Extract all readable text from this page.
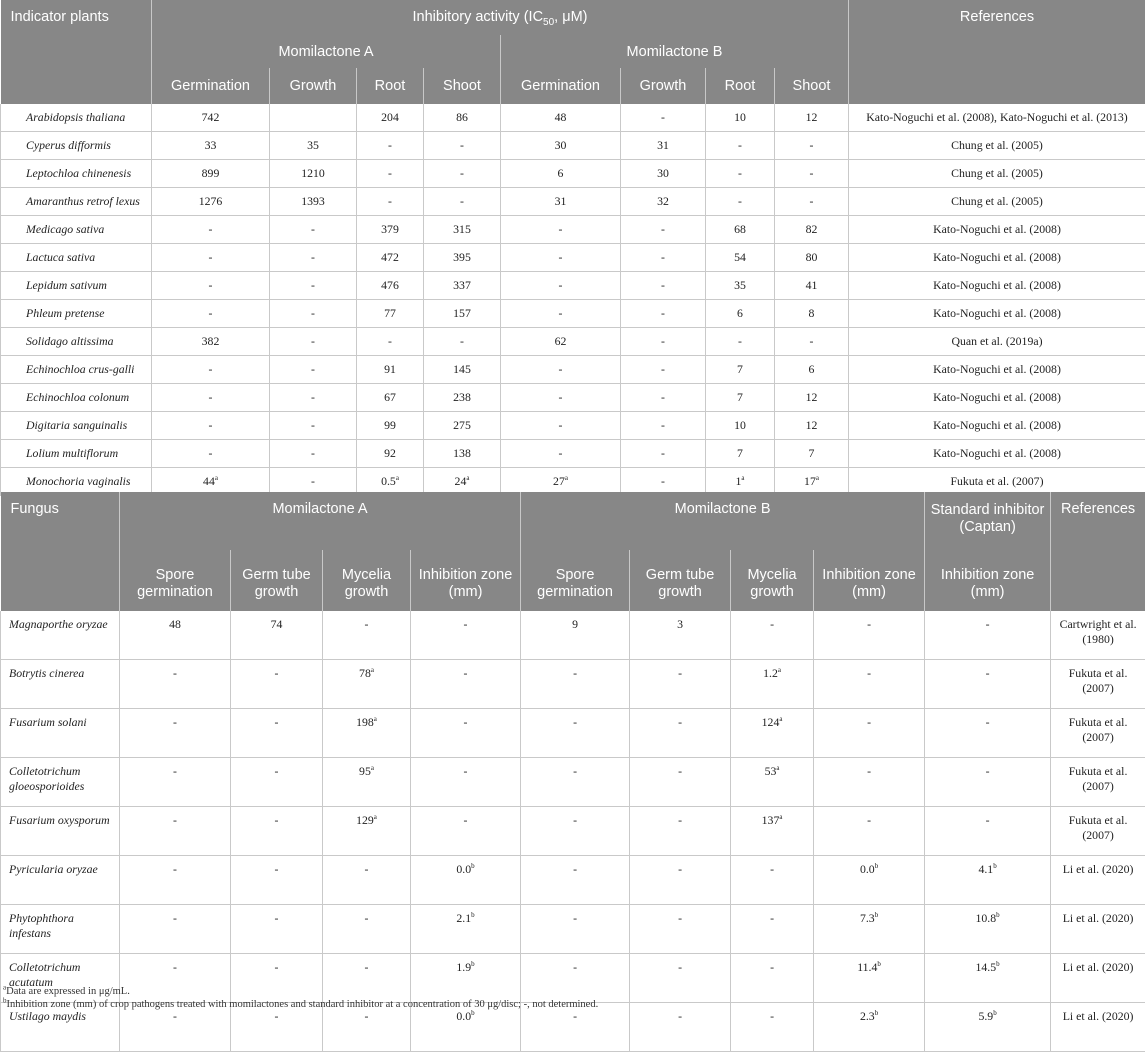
Indicator plants	Inhibitory activity ($IC_{50}$, μM)								References
	Momilactone A				Momilactone B				
	Germination	Growth	Root	Shoot	Germination	Growth	Root	Shoot	
Arabidopsis thaliana	742		204	86	48	-	10	12	Kato-Noguchi et al. (2008), Kato-Noguchi et al. (2013)
Cyperus difformis	33	35	-	-	30	31	-	-	Chung et al. (2005)
Leptochloa chinenesis	899	1210	-	-	6	30	-	-	Chung et al. (2005)
Amaranthus retrof lexus	1276	1393	-	-	31	32	-	-	Chung et al. (2005)
Medicago sativa	-	-	379	315	-	-	68	82	Kato-Noguchi et al. (2008)
Lactuca sativa	-	-	472	395	-	-	54	80	Kato-Noguchi et al. (2008)
Lepidum sativum	-	-	476	337	-	-	35	41	Kato-Noguchi et al. (2008)
Phleum pretense	-	-	77	157	-	-	6	8	Kato-Noguchi et al. (2008)
Solidago altissima	382	-	-	-	62	-	-	-	Quan et al. (2019a)
Echinochloa crus-galli	-	-	91	145	-	-	7	6	Kato-Noguchi et al. (2008)
Echinochloa colonum	-	-	67	238	-	-	7	12	Kato-Noguchi et al. (2008)
Digitaria sanguinalis	-	-	99	275	-	-	10	12	Kato-Noguchi et al. (2008)
Lolium multiflorum	-	-	92	138	-	-	7	7	Kato-Noguchi et al. (2008)
Monochoria vaginalis	44$^a$	-	0.5$^a$	24$^a$	27$^a$	-	1$^a$	17$^a$	Fukuta et al. (2007)
Fungus	Momilactone A				Momilactone B				Standard inhibitor (Captan)	References
	Spore germination	Germ tube growth	Mycelia growth	Inhibition zone (mm)	Spore germination	Germ tube growth	Mycelia growth	Inhibition zone (mm)	Inhibition zone (mm)	
Magnaporthe oryzae	48	74	-	-	9	3	-	-	-	Cartwright et al. (1980)
Botrytis cinerea	-	-	78$^a$	-	-	-	1.2$^a$	-	-	Fukuta et al. (2007)
Fusarium solani	-	-	198$^a$	-	-	-	124$^a$	-	-	Fukuta et al. (2007)
Colletotrichum gloeosporioides	-	-	95$^a$	-	-	-	53$^a$	-	-	Fukuta et al. (2007)
Fusarium oxysporum	-	-	129$^a$	-	-	-	137$^a$	-	-	Fukuta et al. (2007)
Pyricularia oryzae	-	-	-	0.0$^b$	-	-	-	0.0$^b$	4.1$^b$	Li et al. (2020)
Phytophthora infestans	-	-	-	2.1$^b$	-	-	-	7.3$^b$	10.8$^b$	Li et al. (2020)
Colletotrichum acutatum	-	-	-	1.9$^b$	-	-	-	11.4$^b$	14.5$^b$	Li et al. (2020)
Ustilago maydis	-	-	-	0.0$^b$	-	-	-	2.3$^b$	5.9$^b$	Li et al. (2020)
$^a$Data are expressed in μg/mL.
$^b$Inhibition zone (mm) of crop pathogens treated with momilactones and standard inhibitor at a concentration of 30 μg/disc; -, not determined.
